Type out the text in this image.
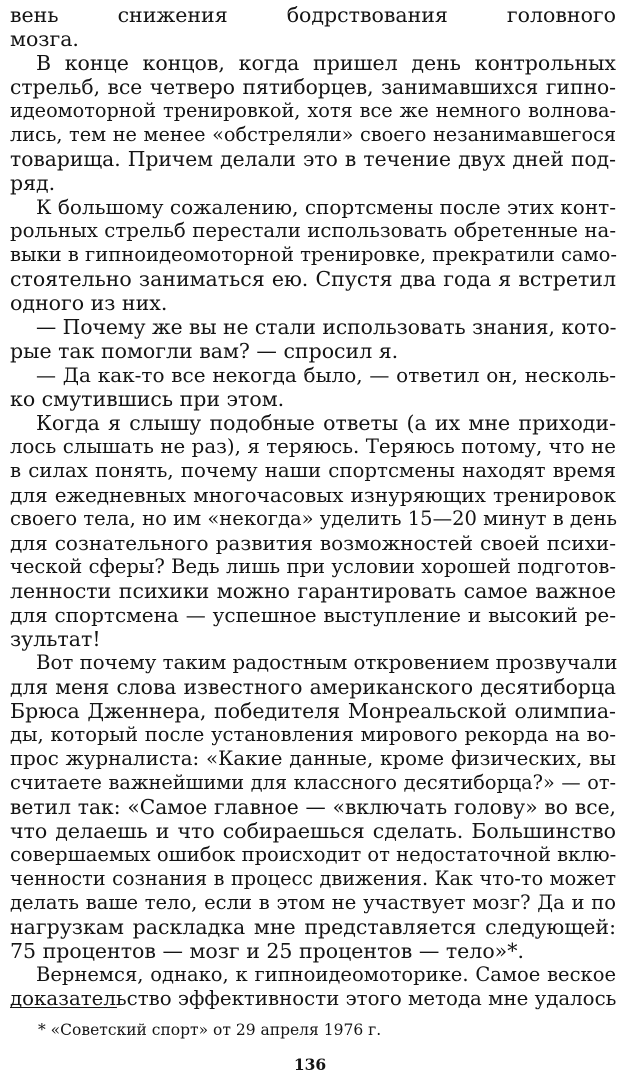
вень снижения бодрствования головного
мозга.
В конце концов, когда пришел день контрольных
стрельб, все четверо пятиборцев, занимавшихся гипно-
идеомоторной тренировкой, хотя все же немного волнова-
лись, тем не менее «обстреляли» своего незанимавшегося
товарища. Причем делали это в течение двух дней под-
ряд.
К большому сожалению, спортсмены после этих конт-
рольных стрельб перестали использовать обретенные на-
выки в гипноидеомоторной тренировке, прекратили само-
стоятельно заниматься ею. Спустя два года я встретил
одного из них.
— Почему же вы не стали использовать знания, кото-
рые так помогли вам? — спросил я.
— Да как-то все некогда было, — ответил он, несколь-
ко смутившись при этом.
Когда я слышу подобные ответы (а их мне приходи-
лось слышать не раз), я теряюсь. Теряюсь потому, что не
в силах понять, почему наши спортсмены находят время
для ежедневных многочасовых изнуряющих тренировок
своего тела, но им «некогда» уделить 15—20 минут в день
для сознательного развития возможностей своей психи-
ческой сферы? Ведь лишь при условии хорошей подготов-
ленности психики можно гарантировать самое важное
для спортсмена — успешное выступление и высокий ре-
зультат!
Вот почему таким радостным откровением прозвучали
для меня слова известного американского десятиборца
Брюса Дженнера, победителя Монреальской олимпиа-
ды, который после установления мирового рекорда на во-
прос журналиста: «Какие данные, кроме физических, вы
считаете важнейшими для классного десятиборца?» — от-
ветил так: «Самое главное — «включать голову» во все,
что делаешь и что собираешься сделать. Большинство
совершаемых ошибок происходит от недостаточной вклю-
ченности сознания в процесс движения. Как что-то может
делать ваше тело, если в этом не участвует мозг? Да и по
нагрузкам раскладка мне представляется следующей:
75 процентов — мозг и 25 процентов — тело»*.
Вернемся, однако, к гипноидеомоторике. Самое веское
доказательство эффективности этого метода мне удалось
* «Советский спорт» от 29 апреля 1976 г.
136
